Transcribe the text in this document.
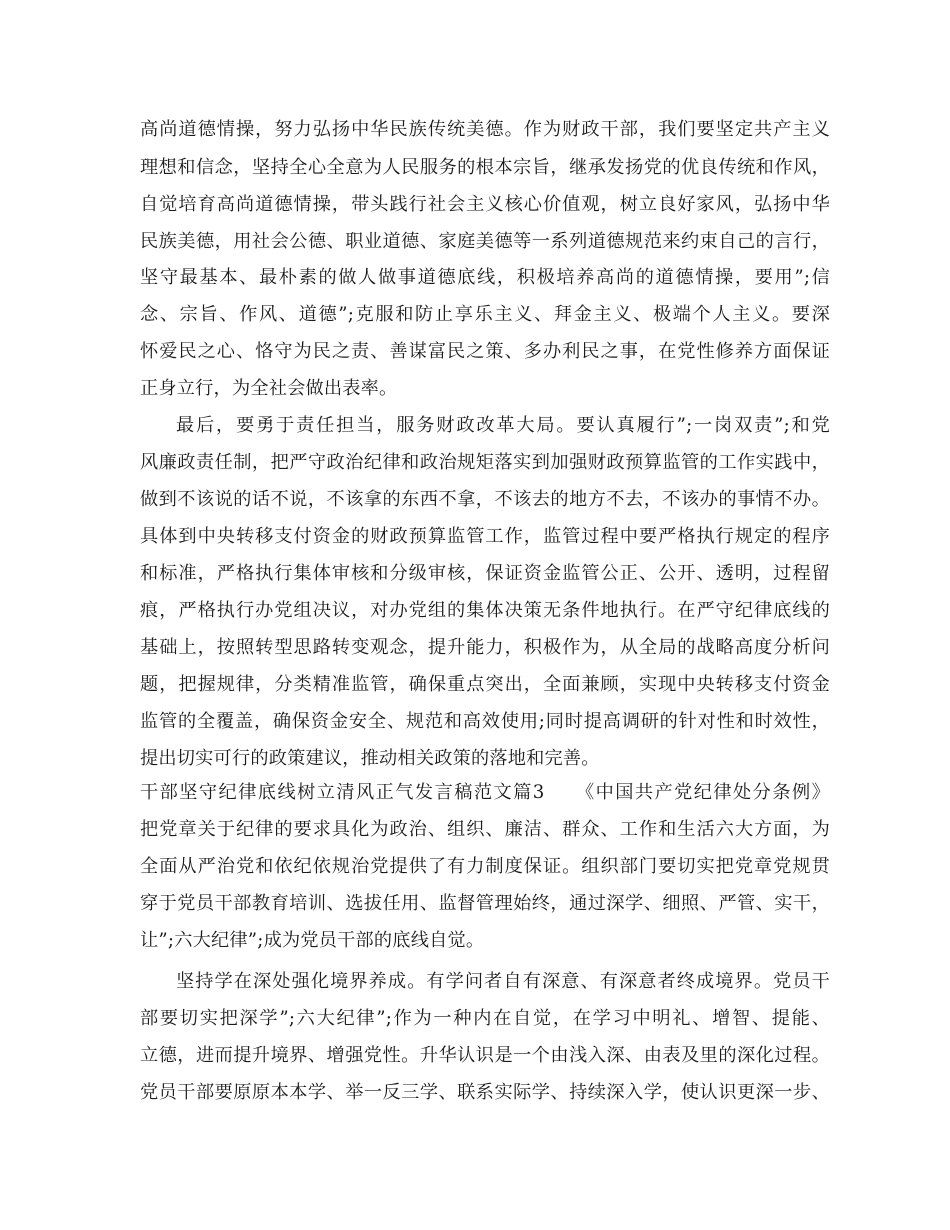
高尚道德情操，努力弘扬中华民族传统美德。作为财政干部，我们要坚定共产主义
理想和信念，坚持全心全意为人民服务的根本宗旨，继承发扬党的优良传统和作风，
自觉培育高尚道德情操，带头践行社会主义核心价值观，树立良好家风，弘扬中华
民族美德，用社会公德、职业道德、家庭美德等一系列道德规范来约束自己的言行，
坚守最基本、最朴素的做人做事道德底线，积极培养高尚的道德情操，要用”;信
念、宗旨、作风、道德”;克服和防止享乐主义、拜金主义、极端个人主义。要深
怀爱民之心、恪守为民之责、善谋富民之策、多办利民之事，在党性修养方面保证
正身立行，为全社会做出表率。
最后，要勇于责任担当，服务财政改革大局。要认真履行”;一岗双责”;和党
风廉政责任制，把严守政治纪律和政治规矩落实到加强财政预算监管的工作实践中，
做到不该说的话不说，不该拿的东西不拿，不该去的地方不去，不该办的事情不办。
具体到中央转移支付资金的财政预算监管工作，监管过程中要严格执行规定的程序
和标准，严格执行集体审核和分级审核，保证资金监管公正、公开、透明，过程留
痕，严格执行办党组决议，对办党组的集体决策无条件地执行。在严守纪律底线的
基础上，按照转型思路转变观念，提升能力，积极作为，从全局的战略高度分析问
题，把握规律，分类精准监管，确保重点突出，全面兼顾，实现中央转移支付资金
监管的全覆盖，确保资金安全、规范和高效使用;同时提高调研的针对性和时效性，
提出切实可行的政策建议，推动相关政策的落地和完善。
干部坚守纪律底线树立清风正气发言稿范文篇3　　《中国共产党纪律处分条例》
把党章关于纪律的要求具化为政治、组织、廉洁、群众、工作和生活六大方面，为
全面从严治党和依纪依规治党提供了有力制度保证。组织部门要切实把党章党规贯
穿于党员干部教育培训、选拔任用、监督管理始终，通过深学、细照、严管、实干，
让”;六大纪律”;成为党员干部的底线自觉。
坚持学在深处强化境界养成。有学问者自有深意、有深意者终成境界。党员干
部要切实把深学”;六大纪律”;作为一种内在自觉，在学习中明礼、增智、提能、
立德，进而提升境界、增强党性。升华认识是一个由浅入深、由表及里的深化过程。
党员干部要原原本本学、举一反三学、联系实际学、持续深入学，使认识更深一步、
